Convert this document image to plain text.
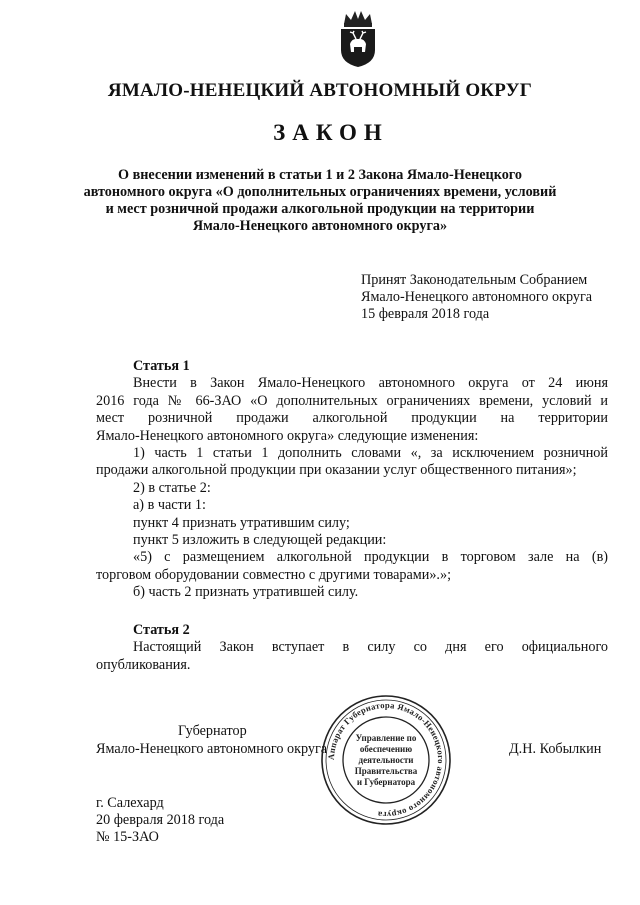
ЯМАЛО-НЕНЕЦКИЙ АВТОНОМНЫЙ ОКРУГ
ЗАКОН
О внесении изменений в статьи 1 и 2 Закона Ямало-Ненецкого
автономного округа «О дополнительных ограничениях времени, условий
и мест розничной продажи алкогольной продукции на территории
Ямало-Ненецкого автономного округа»
Принят Законодательным Собранием
Ямало-Ненецкого автономного округа
15 февраля 2018 года
Статья 1
Внести в Закон Ямало-Ненецкого автономного округа от 24 июня
2016 года № 66-ЗАО «О дополнительных ограничениях времени, условий и
мест розничной продажи алкогольной продукции на территории
Ямало-Ненецкого автономного округа» следующие изменения:
1) часть 1 статьи 1 дополнить словами «, за исключением розничной
продажи алкогольной продукции при оказании услуг общественного питания»;
2) в статье 2:
а) в части 1:
пункт 4 признать утратившим силу;
пункт 5 изложить в следующей редакции:
«5) с размещением алкогольной продукции в торговом зале на (в)
торговом оборудовании совместно с другими товарами».»;
б) часть 2 признать утратившей силу.
Статья 2
Настоящий Закон вступает в силу со дня его официального
опубликования.
Губернатор
Ямало-Ненецкого автономного округа	Д.Н. Кобылкин
Аппарат Губернатора Ямало-Ненецкого автономного округа
Управление по
обеспечению
деятельности
Правительства
и Губернатора
г. Салехард
20 февраля 2018 года
№ 15-ЗАО
